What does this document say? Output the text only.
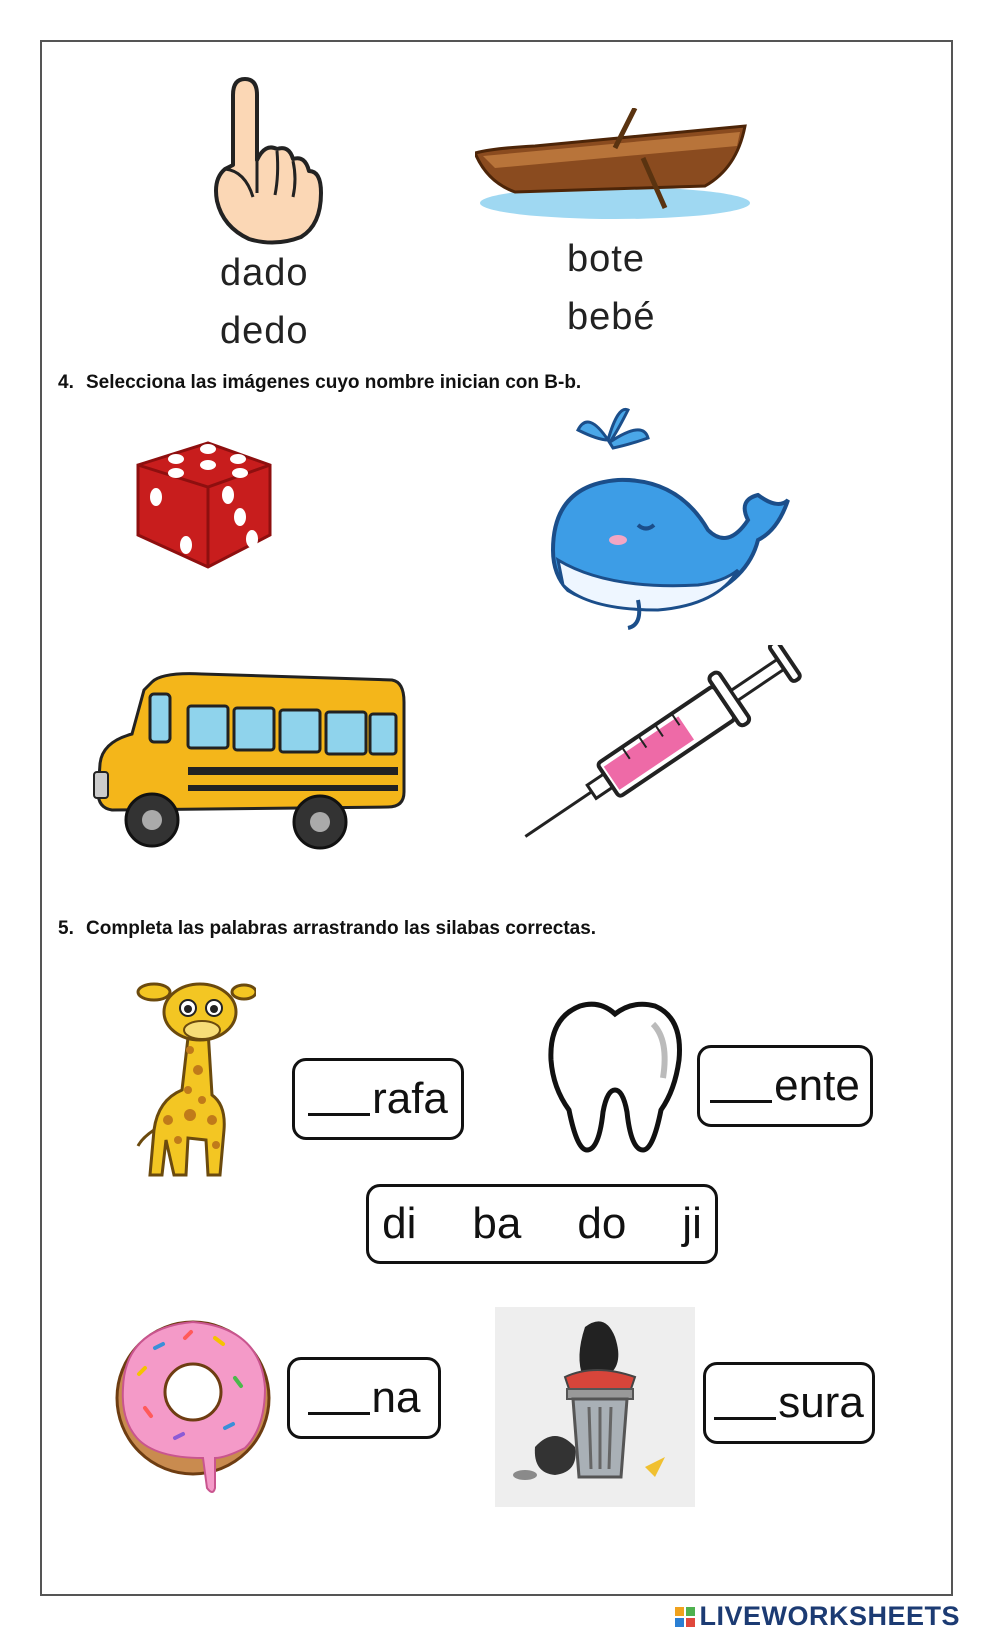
dado
dedo
bote
bebé
4. Selecciona las imágenes cuyo nombre inician con B-b.
5. Completa las palabras arrastrando las silabas correctas.
rafa	ente
di ba do ji
na	sura
LIVEWORKSHEETS
